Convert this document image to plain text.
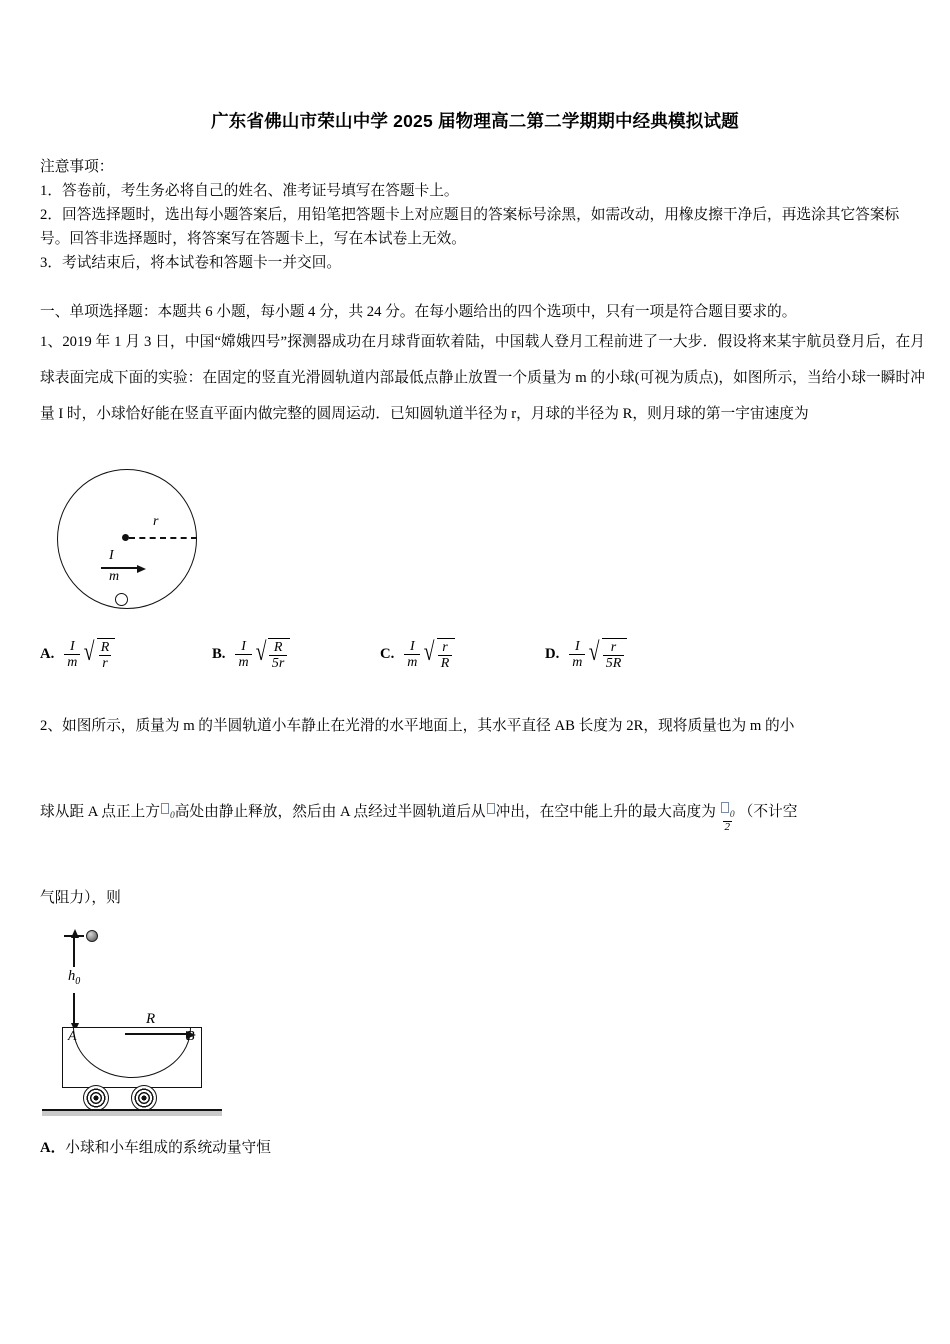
广东省佛山市荣山中学 2025 届物理高二第二学期期中经典模拟试题
注意事项：
1．答卷前，考生务必将自己的姓名、准考证号填写在答题卡上。
2．回答选择题时，选出每小题答案后，用铅笔把答题卡上对应题目的答案标号涂黑，如需改动，用橡皮擦干净后，再选涂其它答案标号。回答非选择题时，将答案写在答题卡上，写在本试卷上无效。
3．考试结束后，将本试卷和答题卡一并交回。
一、单项选择题：本题共 6 小题，每小题 4 分，共 24 分。在每小题给出的四个选项中，只有一项是符合题目要求的。
1、2019 年 1 月 3 日，中国“嫦娥四号”探测器成功在月球背面软着陆，中国载人登月工程前进了一大步．假设将来某宇航员登月后，在月球表面完成下面的实验：在固定的竖直光滑圆轨道内部最低点静止放置一个质量为 m 的小球(可视为质点)，如图所示，当给小球一瞬时冲量 I 时，小球恰好能在竖直平面内做完整的圆周运动．已知圆轨道半径为 r，月球的半径为 R，则月球的第一宇宙速度为
r
I
m
A. $\frac{I}{m}$ √ $\frac{R}{r}$	B. $\frac{I}{m}$ √ $\frac{R}{5r}$	C. $\frac{I}{m}$ √ $\frac{r}{R}$	D. $\frac{I}{m}$ √ $\frac{r}{5R}$
2、如图所示，质量为 m 的半圆轨道小车静止在光滑的水平地面上，其水平直径 AB 长度为 2R，现将质量也为 m 的小
球从距 A 点正上方 0高处由静止释放，然后由 A 点经过半圆轨道后从 冲出，在空中能上升的最大高度为 $\frac{0}{2}$ （不计空
气阻力），则
$h_0$
A	B
R
A．小球和小车组成的系统动量守恒
